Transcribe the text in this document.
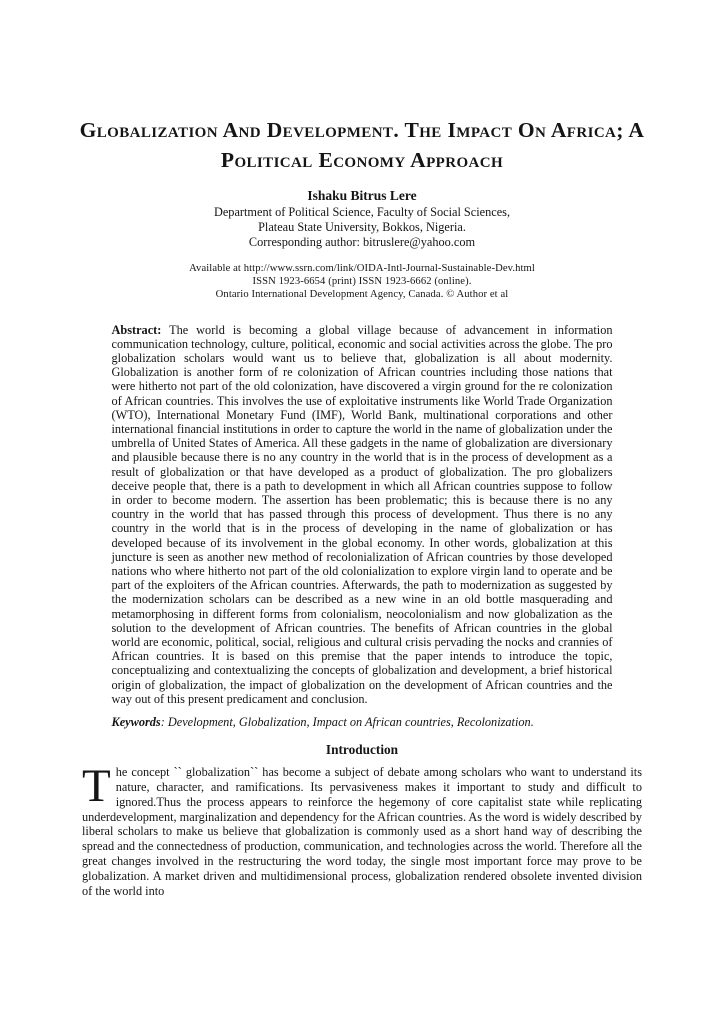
Globalization And Development. The Impact On Africa; A Political Economy Approach
Ishaku Bitrus Lere
Department of Political Science, Faculty of Social Sciences,
Plateau State University, Bokkos, Nigeria.
Corresponding author: bitruslere@yahoo.com
Available at http://www.ssrn.com/link/OIDA-Intl-Journal-Sustainable-Dev.html
ISSN 1923-6654 (print) ISSN 1923-6662 (online).
Ontario International Development Agency, Canada. © Author et al

Abstract: The world is becoming a global village because of advancement in information communication technology, culture, political, economic and social activities across the globe. The pro globalization scholars would want us to believe that, globalization is all about modernity. Globalization is another form of re colonization of African countries including those nations that were hitherto not part of the old colonization, have discovered a virgin ground for the re colonization of African countries. This involves the use of exploitative instruments like World Trade Organization (WTO), International Monetary Fund (IMF), World Bank, multinational corporations and other international financial institutions in order to capture the world in the name of globalization under the umbrella of United States of America. All these gadgets in the name of globalization are diversionary and plausible because there is no any country in the world that is in the process of development as a result of globalization or that have developed as a product of globalization. The pro globalizers deceive people that, there is a path to development in which all African countries suppose to follow in order to become modern. The assertion has been problematic; this is because there is no any country in the world that has passed through this process of development. Thus there is no any country in the world that is in the process of developing in the name of globalization or has developed because of its involvement in the global economy. In other words, globalization at this juncture is seen as another new method of recolonialization of African countries by those developed nations who where hitherto not part of the old colonialization to explore virgin land to operate and be part of the exploiters of the African countries. Afterwards, the path to modernization as suggested by the modernization scholars can be described as a new wine in an old bottle masquerading and metamorphosing in different forms from colonialism, neocolonialism and now globalization as the solution to the development of African countries. The benefits of African countries in the global world are economic, political, social, religious and cultural crisis pervading the nocks and crannies of African countries. It is based on this premise that the paper intends to introduce the topic, conceptualizing and contextualizing the concepts of globalization and development, a brief historical origin of globalization, the impact of globalization on the development of African countries and the way out of this present predicament and conclusion.

Keywords: Development, Globalization, Impact on African countries, Recolonization.

Introduction

The concept `` globalization`` has become a subject of debate among scholars who want to understand its nature, character, and ramifications. Its pervasiveness makes it important to study and difficult to ignored.Thus the process appears to reinforce the hegemony of core capitalist state while replicating underdevelopment, marginalization and dependency for the African countries. As the word is widely described by liberal scholars to make us believe that globalization is commonly used as a short hand way of describing the spread and the connectedness of production, communication, and technologies across the world. Therefore all the great changes involved in the restructuring the word today, the single most important force may prove to be globalization. A market driven and multidimensional process, globalization rendered obsolete invented division of the world into
